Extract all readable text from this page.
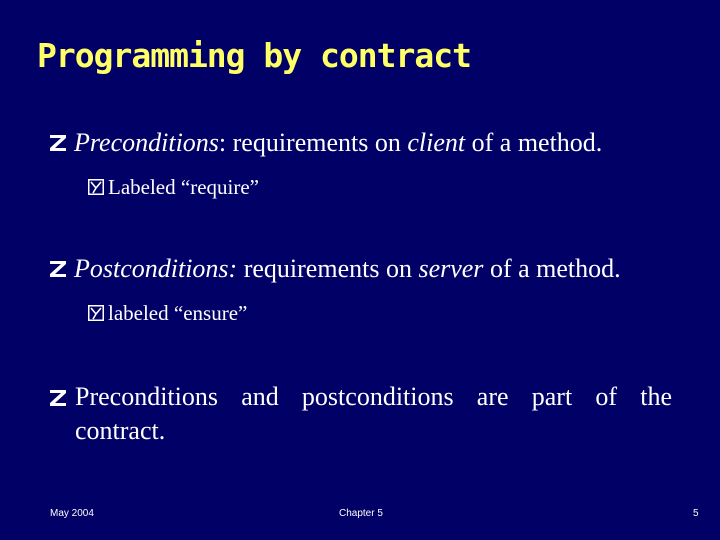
Programming by contract
Preconditions: requirements on client of a method.
Labeled “require”
Postconditions: requirements on server of a method.
labeled “ensure”
Preconditions and postconditions are part of the
contract.
May 2004	Chapter 5	5
